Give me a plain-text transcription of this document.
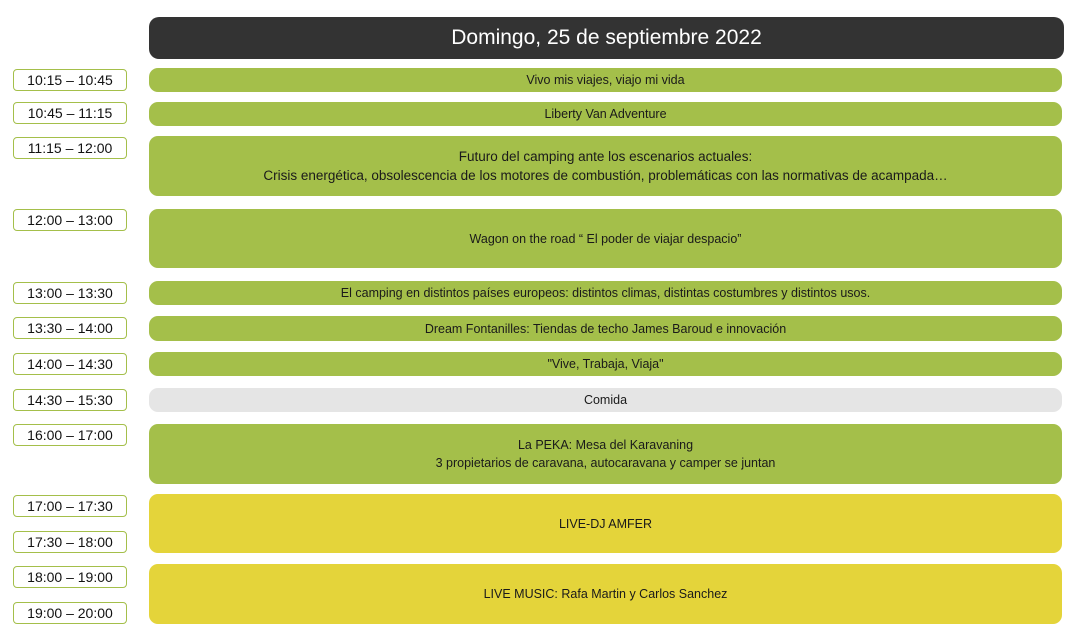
Domingo, 25 de septiembre 2022
10:15 – 10:45
10:45 – 11:15
11:15 – 12:00
12:00 – 13:00
13:00 – 13:30
13:30 – 14:00
14:00 – 14:30
14:30 – 15:30
16:00 – 17:00
17:00 – 17:30
17:30 – 18:00
18:00 – 19:00
19:00 – 20:00
Vivo mis viajes, viajo mi vida
Liberty Van Adventure
Futuro del camping ante los escenarios actuales:
Crisis energética, obsolescencia de los motores de combustión, problemáticas con las normativas de acampada…
Wagon on the road “ El poder de viajar despacio”
El camping en distintos países europeos: distintos climas, distintas costumbres y distintos usos.
Dream Fontanilles: Tiendas de techo James Baroud e innovación
"Vive, Trabaja, Viaja"
Comida
La PEKA: Mesa del Karavaning
3 propietarios de caravana, autocaravana y camper se juntan
LIVE-DJ AMFER
LIVE MUSIC: Rafa Martin y Carlos Sanchez
